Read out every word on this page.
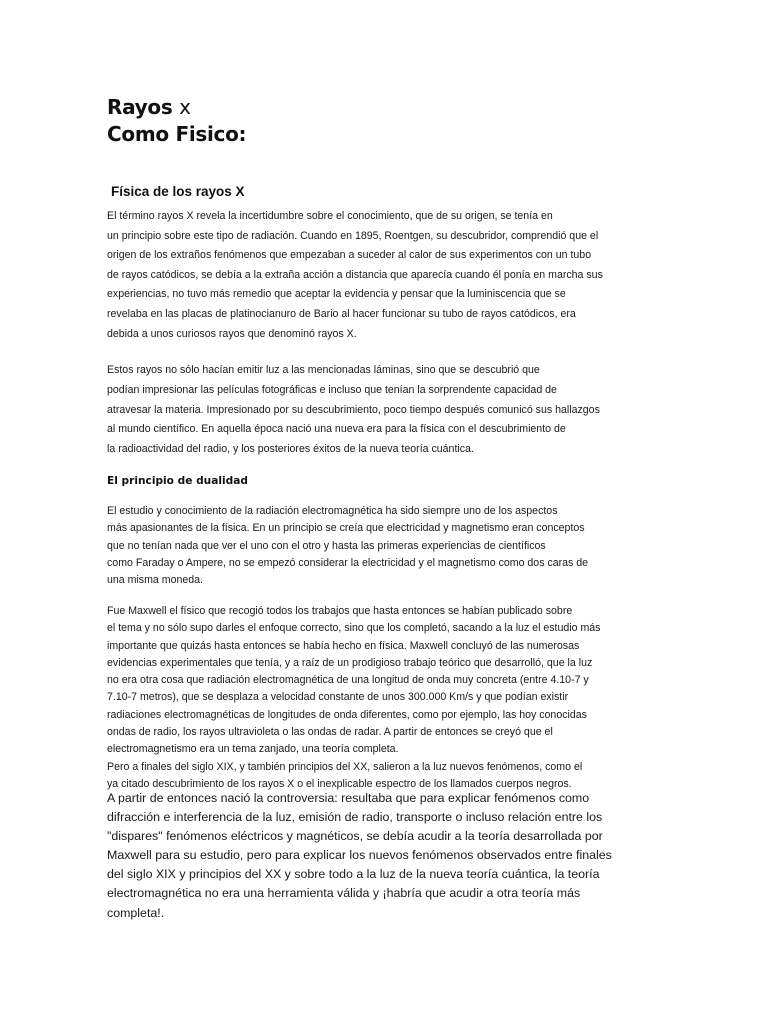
Rayos x
Como Fisico:
Física de los rayos X

El término rayos X revela la incertidumbre sobre el conocimiento, que de su origen, se tenía en
un principio sobre este tipo de radiación. Cuando en 1895, Roentgen, su descubridor, comprendió que el
origen de los extraños fenómenos que empezaban a suceder al calor de sus experimentos con un tubo
de rayos catódicos, se debía a la extraña acción a distancia que aparecía cuando él ponía en marcha sus
experiencias, no tuvo más remedio que aceptar la evidencia y pensar que la luminiscencia que se
revelaba en las placas de platinocianuro de Bario al hacer funcionar su tubo de rayos catódicos, era
debida a unos curiosos rayos que denominó rayos X.

Estos rayos no sólo hacían emitir luz a las mencionadas láminas, sino que se descubrió que
podían impresionar las películas fotográficas e incluso que tenían la sorprendente capacidad de
atravesar la materia. Impresionado por su descubrimiento, poco tiempo después comunicó sus hallazgos
al mundo científico. En aquella época nació una nueva era para la física con el descubrimiento de
la radioactividad del radio, y los posteriores éxitos de la nueva teoría cuántica.

El principio de dualidad

El estudio y conocimiento de la radiación electromagnética ha sido siempre uno de los aspectos
más apasionantes de la física. En un principio se creía que electricidad y magnetismo eran conceptos
que no tenían nada que ver el uno con el otro y hasta las primeras experiencias de científicos
como Faraday o Ampere, no se empezó considerar la electricidad y el magnetismo como dos caras de
una misma moneda.

Fue Maxwell el físico que recogió todos los trabajos que hasta entonces se habían publicado sobre
el tema y no sólo supo darles el enfoque correcto, sino que los completó, sacando a la luz el estudio más
importante que quizás hasta entonces se había hecho en física. Maxwell concluyó de las numerosas
evidencias experimentales que tenía, y a raíz de un prodigioso trabajo teórico que desarrolló, que la luz
no era otra cosa que radiación electromagnética de una longitud de onda muy concreta (entre 4.10-7 y
7.10-7 metros), que se desplaza a velocidad constante de unos 300.000 Km/s y que podían existir
radiaciones electromagnéticas de longitudes de onda diferentes, como por ejemplo, las hoy conocidas
ondas de radio, los rayos ultravioleta o las ondas de radar. A partir de entonces se creyó que el
electromagnetismo era un tema zanjado, una teoría completa.
Pero a finales del siglo XIX, y también principios del XX, salieron a la luz nuevos fenómenos, como el
ya citado descubrimiento de los rayos X o el inexplicable espectro de los llamados cuerpos negros.

A partir de entonces nació la controversia: resultaba que para explicar fenómenos como
difracción e interferencia de la luz, emisión de radio, transporte o incluso relación entre los
"dispares" fenómenos eléctricos y magnéticos, se debía acudir a la teoría desarrollada por
Maxwell para su estudio, pero para explicar los nuevos fenómenos observados entre finales
del siglo XIX y principios del XX y sobre todo a la luz de la nueva teoría cuántica, la teoría
electromagnética no era una herramienta válida y ¡habría que acudir a otra teoría más
completa!.
